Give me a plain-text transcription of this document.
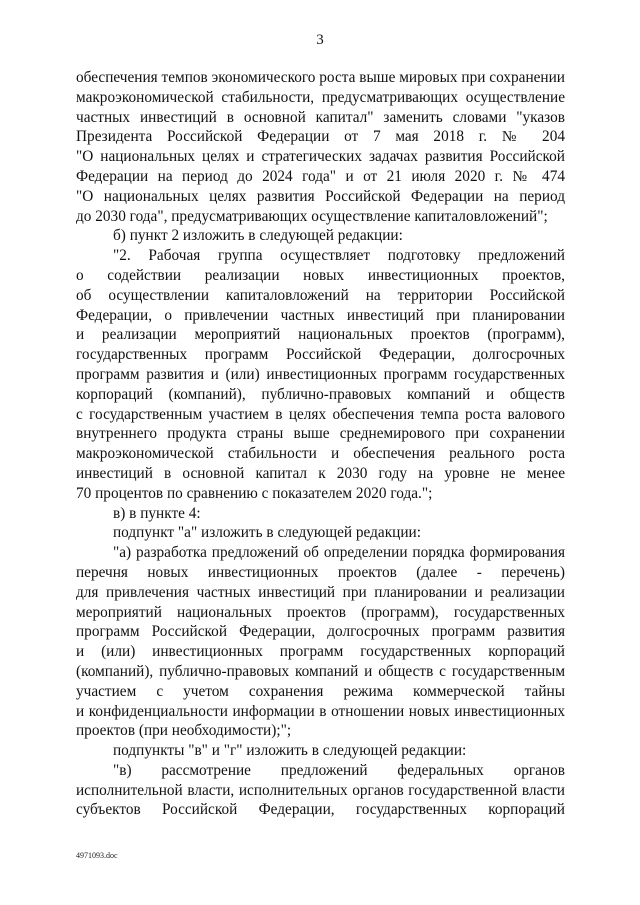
3

обеспечения темпов экономического роста выше мировых при сохранении

макроэкономической стабильности, предусматривающих осуществление

частных инвестиций в основной капитал" заменить словами "указов

Президента Российской Федерации от 7 мая 2018 г. № 204

"О национальных целях и стратегических задачах развития Российской

Федерации на период до 2024 года" и от 21 июля 2020 г. № 474

"О национальных целях развития Российской Федерации на период

до 2030 года", предусматривающих осуществление капиталовложений";

б) пункт 2 изложить в следующей редакции:

"2. Рабочая группа осуществляет подготовку предложений

о содействии реализации новых инвестиционных проектов,

об осуществлении капиталовложений на территории Российской

Федерации, о привлечении частных инвестиций при планировании

и реализации мероприятий национальных проектов (программ),

государственных программ Российской Федерации, долгосрочных

программ развития и (или) инвестиционных программ государственных

корпораций (компаний), публично-правовых компаний и обществ

с государственным участием в целях обеспечения темпа роста валового

внутреннего продукта страны выше среднемирового при сохранении

макроэкономической стабильности и обеспечения реального роста

инвестиций в основной капитал к 2030 году на уровне не менее

70 процентов по сравнению с показателем 2020 года.";

в) в пункте 4:

подпункт "а" изложить в следующей редакции:

"а) разработка предложений об определении порядка формирования

перечня новых инвестиционных проектов (далее - перечень)

для привлечения частных инвестиций при планировании и реализации

мероприятий национальных проектов (программ), государственных

программ Российской Федерации, долгосрочных программ развития

и (или) инвестиционных программ государственных корпораций

(компаний), публично-правовых компаний и обществ с государственным

участием с учетом сохранения режима коммерческой тайны

и конфиденциальности информации в отношении новых инвестиционных

проектов (при необходимости);";

подпункты "в" и "г" изложить в следующей редакции:

"в) рассмотрение предложений федеральных органов

исполнительной власти, исполнительных органов государственной власти

субъектов Российской Федерации, государственных корпораций

4971093.doc
